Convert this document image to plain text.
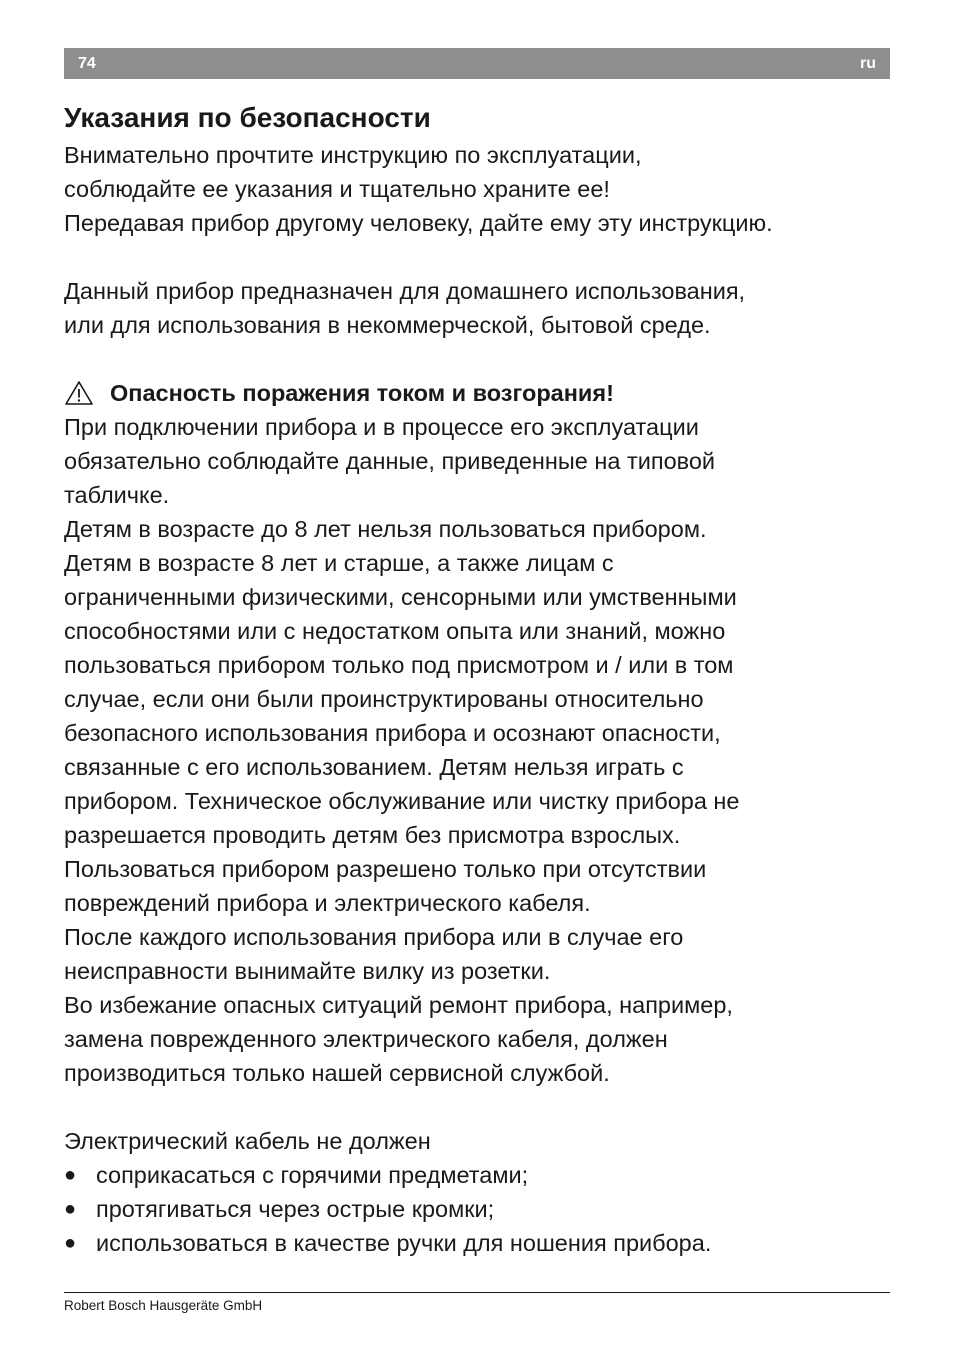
74	ru
Указания по безопасности

Внимательно прочтите инструкцию по эксплуатации,
соблюдайте ее указания и тщательно храните ее!
Передавая прибор другому человеку, дайте ему эту инструкцию.

Данный прибор предназначен для домашнего использования,
или для использования в некоммерческой, бытовой среде.

Опасность поражения током и возгорания!

При подключении прибора и в процессе его эксплуатации
обязательно соблюдайте данные, приведенные на типовой
табличке.
Детям в возрасте до 8 лет нельзя пользоваться прибором.
Детям в возрасте 8 лет и старше, а также лицам с
ограниченными физическими, сенсорными или умственными
способностями или с недостатком опыта или знаний, можно
пользоваться прибором только под присмотром и / или в том
случае, если они были проинструктированы относительно
безопасного использования прибора и осознают опасности,
связанные с его использованием. Детям нельзя играть с
прибором. Техническое обслуживание или чистку прибора не
разрешается проводить детям без присмотра взрослых.
Пользоваться прибором разрешено только при отсутствии
повреждений прибора и электрического кабеля.
После каждого использования прибора или в случае его
неисправности вынимайте вилку из розетки.
Во избежание опасных ситуаций ремонт прибора, например,
замена поврежденного электрического кабеля, должен
производиться только нашей сервисной службой.

Электрический кабель не должен

● соприкасаться с горячими предметами;
● протягиваться через острые кромки;
● использоваться в качестве ручки для ношения прибора.
Robert Bosch Hausgeräte GmbH
